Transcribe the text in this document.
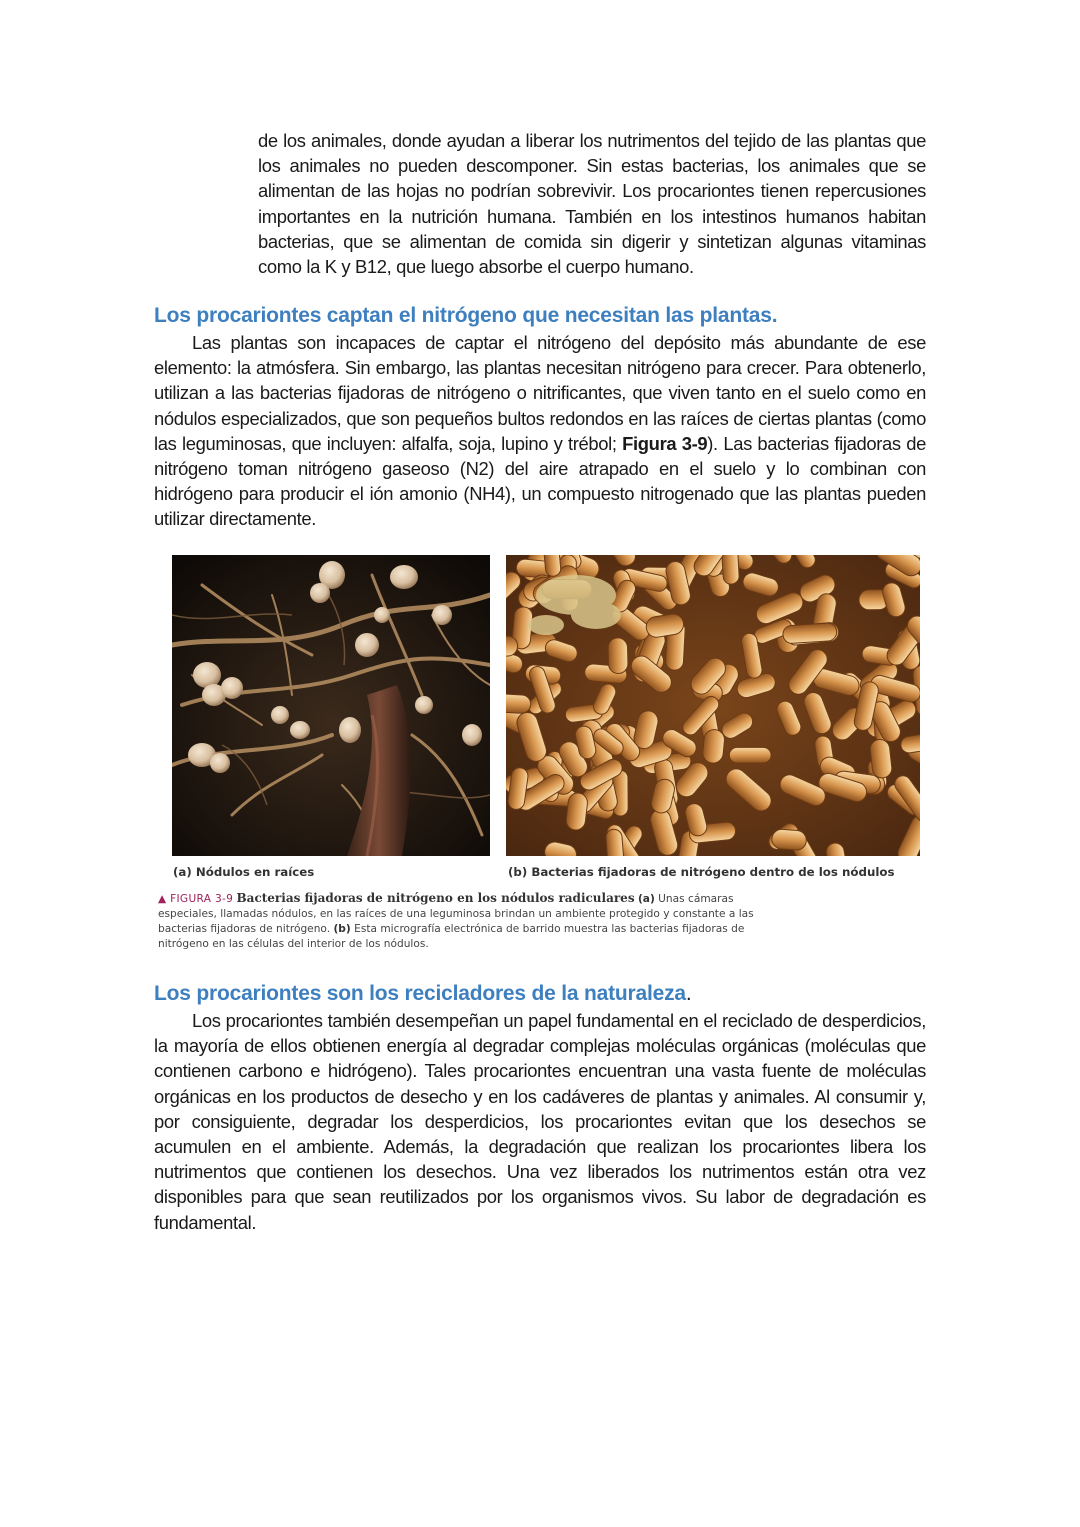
de los animales, donde ayudan a liberar los nutrimentos del tejido de las plantas que los animales no pueden descomponer. Sin estas bacterias, los animales que se alimentan de las hojas no podrían sobrevivir. Los procariontes tienen repercusiones importantes en la nutrición humana. También en los intestinos humanos habitan bacterias, que se alimentan de comida sin digerir y sintetizan algunas vitaminas como la K y B12, que luego absorbe el cuerpo humano.

Los procariontes captan el nitrógeno que necesitan las plantas.

Las plantas son incapaces de captar el nitrógeno del depósito más abundante de ese elemento: la atmósfera. Sin embargo, las plantas necesitan nitrógeno para crecer. Para obtenerlo, utilizan a las bacterias fijadoras de nitrógeno o nitrificantes, que viven tanto en el suelo como en nódulos especializados, que son pequeños bultos redondos en las raíces de ciertas plantas (como las leguminosas, que incluyen: alfalfa, soja, lupino y trébol; Figura 3-9). Las bacterias fijadoras de nitrógeno toman nitrógeno gaseoso (N2) del aire atrapado en el suelo y lo combinan con hidrógeno para producir el ión amonio (NH4), un compuesto nitrogenado que las plantas pueden utilizar directamente.

(a) Nódulos en raíces	(b) Bacterias fijadoras de nitrógeno dentro de los nódulos

▲ FIGURA 3-9 Bacterias fijadoras de nitrógeno en los nódulos radiculares (a) Unas cámaras especiales, llamadas nódulos, en las raíces de una leguminosa brindan un ambiente protegido y constante a las bacterias fijadoras de nitrógeno. (b) Esta micrografía electrónica de barrido muestra las bacterias fijadoras de nitrógeno en las células del interior de los nódulos.

Los procariontes son los recicladores de la naturaleza.

Los procariontes también desempeñan un papel fundamental en el reciclado de desperdicios, la mayoría de ellos obtienen energía al degradar complejas moléculas orgánicas (moléculas que contienen carbono e hidrógeno). Tales procariontes encuentran una vasta fuente de moléculas orgánicas en los productos de desecho y en los cadáveres de plantas y animales. Al consumir y, por consiguiente, degradar los desperdicios, los procariontes evitan que los desechos se acumulen en el ambiente. Además, la degradación que realizan los procariontes libera los nutrimentos que contienen los desechos. Una vez liberados los nutrimentos están otra vez disponibles para que sean reutilizados por los organismos vivos. Su labor de degradación es fundamental.
